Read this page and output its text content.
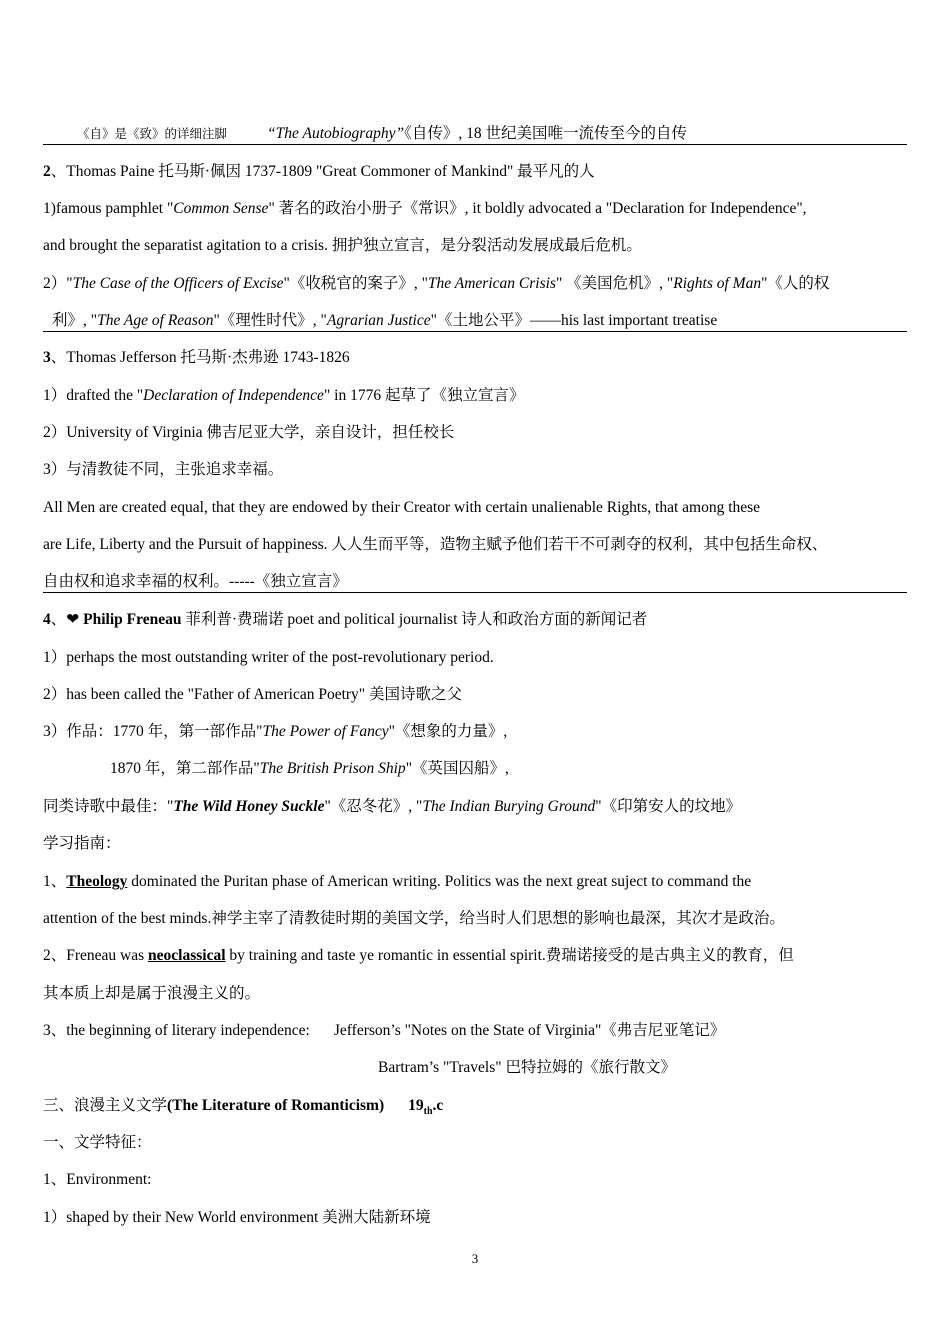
《自》是《致》的详细注脚	“The Autobiography”《自传》, 18 世纪美国唯一流传至今的自传
2、Thomas Paine 托马斯·佩因 1737-1809 "Great Commoner of Mankind" 最平凡的人
1)famous pamphlet "Common Sense" 著名的政治小册子《常识》, it boldly advocated a "Declaration for Independence",
and brought the separatist agitation to a crisis. 拥护独立宣言，是分裂活动发展成最后危机。
2）"The Case of the Officers of Excise"《收税官的案子》, "The American Crisis" 《美国危机》, "Rights of Man"《人的权
利》, "The Age of Reason"《理性时代》, "Agrarian Justice"《土地公平》——his last important treatise
3、Thomas Jefferson 托马斯·杰弗逊 1743-1826
1）drafted the "Declaration of Independence" in 1776 起草了《独立宣言》
2）University of Virginia 佛吉尼亚大学，亲自设计，担任校长
3）与清教徒不同，主张追求幸福。
All Men are created equal, that they are endowed by their Creator with certain unalienable Rights, that among these
are Life, Liberty and the Pursuit of happiness. 人人生而平等，造物主赋予他们若干不可剥夺的权利，其中包括生命权、
自由权和追求幸福的权利。-----《独立宣言》
4、❤ Philip Freneau 菲利普·费瑞诺 poet and political journalist 诗人和政治方面的新闻记者
1）perhaps the most outstanding writer of the post-revolutionary period.
2）has been called the "Father of American Poetry" 美国诗歌之父
3）作品：1770 年，第一部作品"The Power of Fancy"《想象的力量》,
1870 年，第二部作品"The British Prison Ship"《英国囚船》,
同类诗歌中最佳："The Wild Honey Suckle"《忍冬花》, "The Indian Burying Ground"《印第安人的坟地》
学习指南：
1、Theology dominated the Puritan phase of American writing. Politics was the next great suject to command the
attention of the best minds.神学主宰了清教徒时期的美国文学，给当时人们思想的影响也最深，其次才是政治。
2、Freneau was neoclassical by training and taste ye romantic in essential spirit.费瑞诺接受的是古典主义的教育，但
其本质上却是属于浪漫主义的。
3、the beginning of literary independence: Jefferson’s "Notes on the State of Virginia"《弗吉尼亚笔记》
Bartram’s "Travels" 巴特拉姆的《旅行散文》
三、浪漫主义文学(The Literature of Romanticism) $19_{th}.c$
一、文学特征：
1、Environment:
1）shaped by their New World environment 美洲大陆新环境
3
